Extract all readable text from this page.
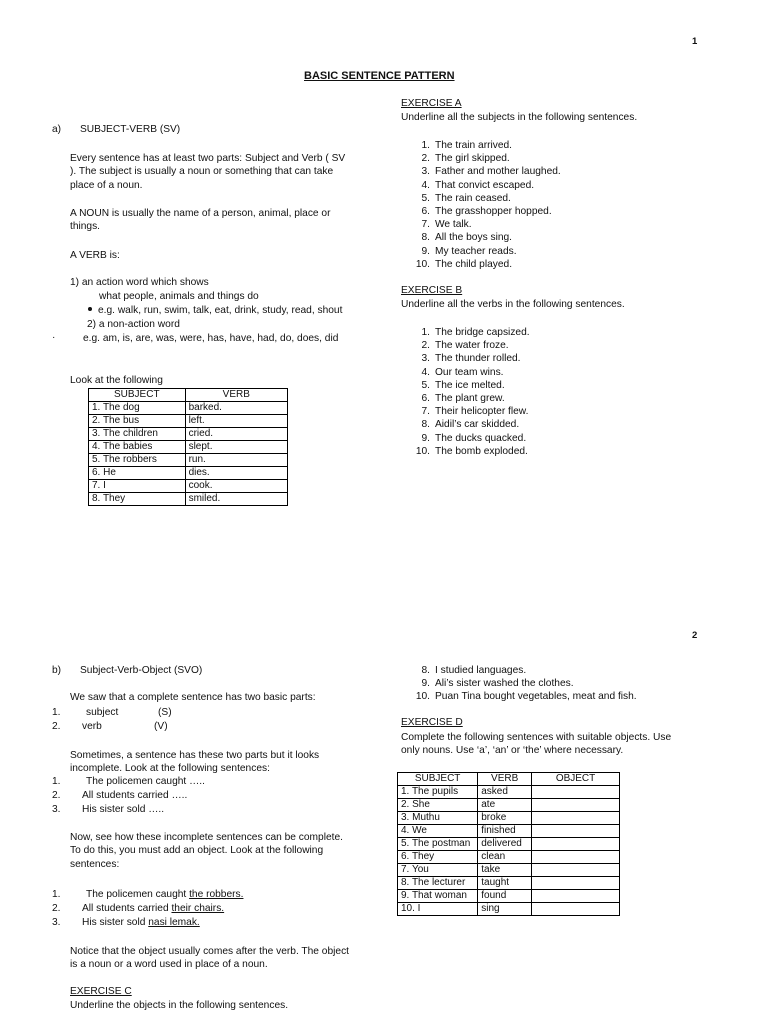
1
BASIC SENTENCE PATTERN
a) SUBJECT-VERB (SV)

Every sentence has at least two parts: Subject and Verb ( SV

). The subject is usually a noun or something that can take

place of a noun.

A NOUN is usually the name of a person, animal, place or

things.

A VERB is:
1) an action word which shows
what people, animals and things do
e.g. walk, run, swim, talk, eat, drink, study, read, shout
2) a non-action word
·	e.g. am, is, are, was, were, has, have, had, do, does, did
Look at the following
SUBJECT	VERB
1. The dog	barked.
2. The bus	left.
3. The children	cried.
4. The babies	slept.
5. The robbers	run.
6. He	dies.
7. I	cook.
8. They	smiled.
EXERCISE A
Underline all the subjects in the following sentences.
1. The train arrived.
2. The girl skipped.
3. Father and mother laughed.
4. That convict escaped.
5. The rain ceased.
6. The grasshopper hopped.
7. We talk.
8. All the boys sing.
9. My teacher reads.
10. The child played.
EXERCISE B
Underline all the verbs in the following sentences.
1. The bridge capsized.
2. The water froze.
3. The thunder rolled.
4. Our team wins.
5. The ice melted.
6. The plant grew.
7. Their helicopter flew.
8. Aidil’s car skidded.
9. The ducks quacked.
10. The bomb exploded.
2
b) Subject-Verb-Object (SVO)
We saw that a complete sentence has two basic parts:
1.	subject	(S)
2. verb	(V)

Sometimes, a sentence has these two parts but it looks

incomplete. Look at the following sentences:

1.	The policemen caught …..
2. All students carried …..
3. His sister sold …..

Now, see how these incomplete sentences can be complete.

To do this, you must add an object. Look at the following

sentences:

1.	The policemen caught the robbers.
2. All students carried their chairs.
3. His sister sold nasi lemak.

Notice that the object usually comes after the verb. The object

is a noun or a word used in place of a noun.

EXERCISE C
Underline the objects in the following sentences.
8. I studied languages.
9. Ali’s sister washed the clothes.
10. Puan Tina bought vegetables, meat and fish.
EXERCISE D

Complete the following sentences with suitable objects. Use

only nouns. Use ‘a’, ‘an’ or ‘the’ where necessary.

SUBJECT	VERB	OBJECT
1. The pupils	asked	
2. She	ate	
3. Muthu	broke	
4. We	finished	
5. The postman	delivered	
6. They	clean	
7. You	take	
8. The lecturer	taught	
9. That woman	found	
10. I	sing	
